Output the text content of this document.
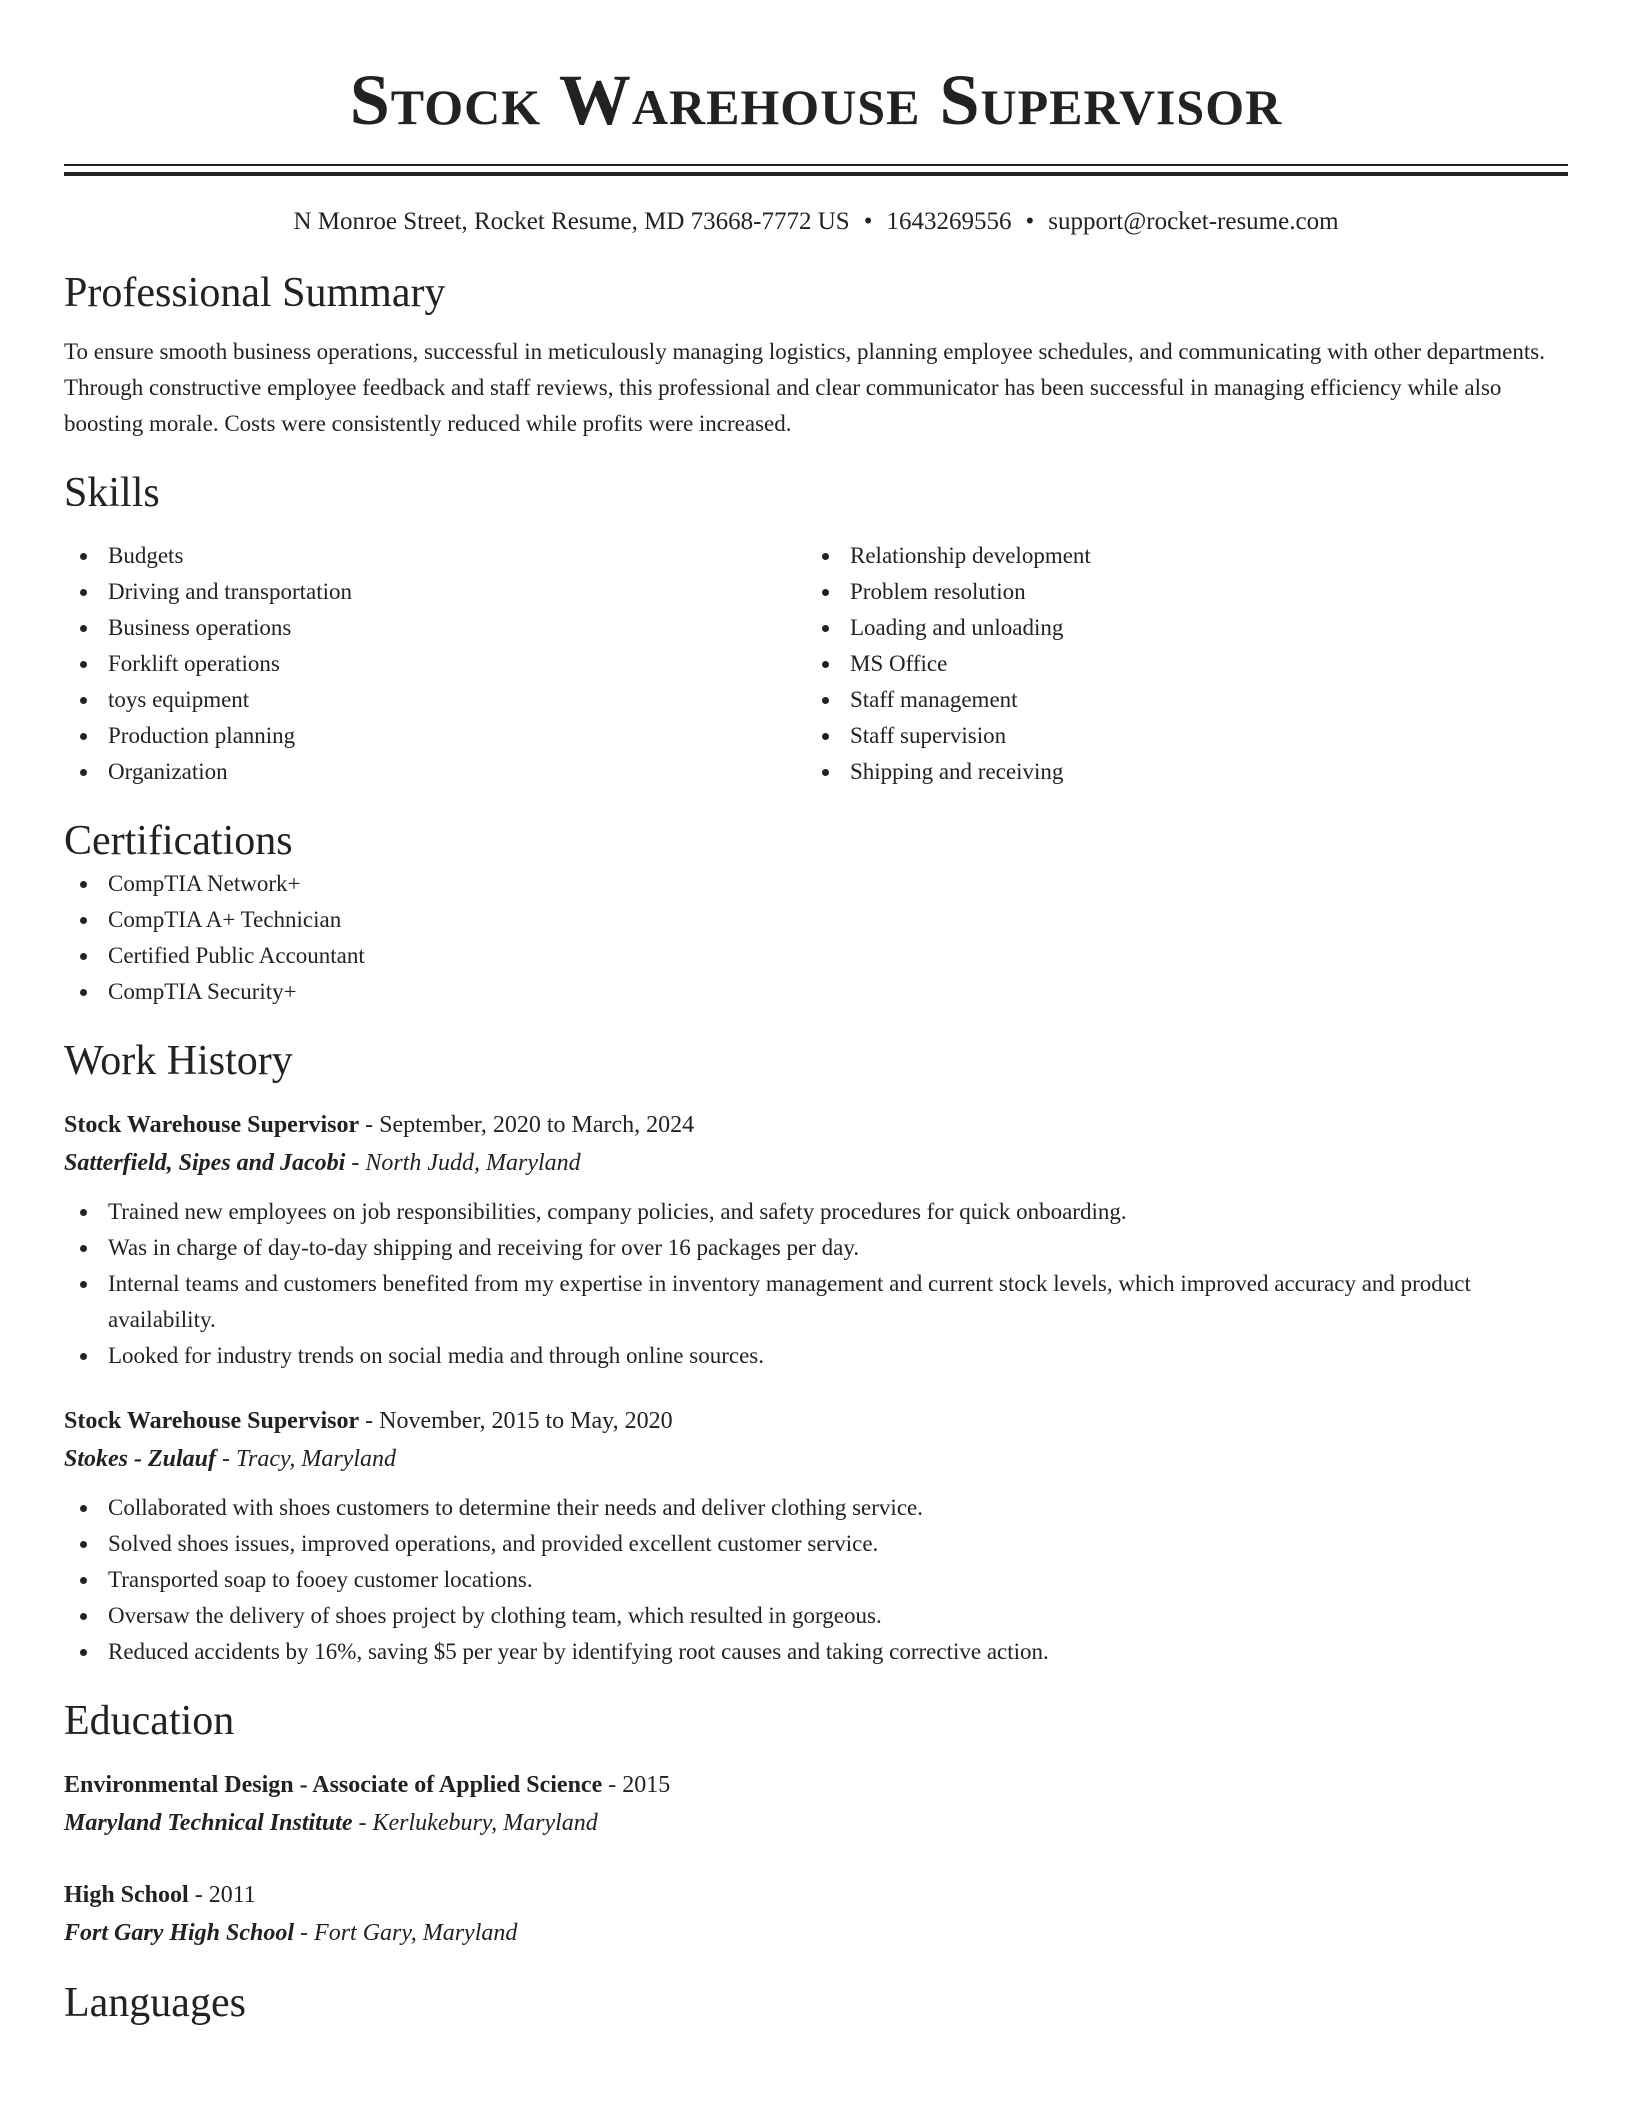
Stock Warehouse Supervisor
N Monroe Street, Rocket Resume, MD 73668-7772 US • 1643269556 • support@rocket-resume.com
Professional Summary

To ensure smooth business operations, successful in meticulously managing logistics, planning employee schedules, and communicating with other departments. Through constructive employee feedback and staff reviews, this professional and clear communicator has been successful in managing efficiency while also boosting morale. Costs were consistently reduced while profits were increased.

Skills
Budgets
Driving and transportation
Business operations
Forklift operations
toys equipment
Production planning
Organization
Relationship development
Problem resolution
Loading and unloading
MS Office
Staff management
Staff supervision
Shipping and receiving
Certifications
CompTIA Network+
CompTIA A+ Technician
Certified Public Accountant
CompTIA Security+
Work History
Stock Warehouse Supervisor - September, 2020 to March, 2024
Satterfield, Sipes and Jacobi - North Judd, Maryland
Trained new employees on job responsibilities, company policies, and safety procedures for quick onboarding.
Was in charge of day-to-day shipping and receiving for over 16 packages per day.
Internal teams and customers benefited from my expertise in inventory management and current stock levels, which improved accuracy and product availability.
Looked for industry trends on social media and through online sources.
Stock Warehouse Supervisor - November, 2015 to May, 2020
Stokes - Zulauf - Tracy, Maryland
Collaborated with shoes customers to determine their needs and deliver clothing service.
Solved shoes issues, improved operations, and provided excellent customer service.
Transported soap to fooey customer locations.
Oversaw the delivery of shoes project by clothing team, which resulted in gorgeous.
Reduced accidents by 16%, saving $5 per year by identifying root causes and taking corrective action.
Education
Environmental Design - Associate of Applied Science - 2015
Maryland Technical Institute - Kerlukebury, Maryland
High School - 2011
Fort Gary High School - Fort Gary, Maryland
Languages
